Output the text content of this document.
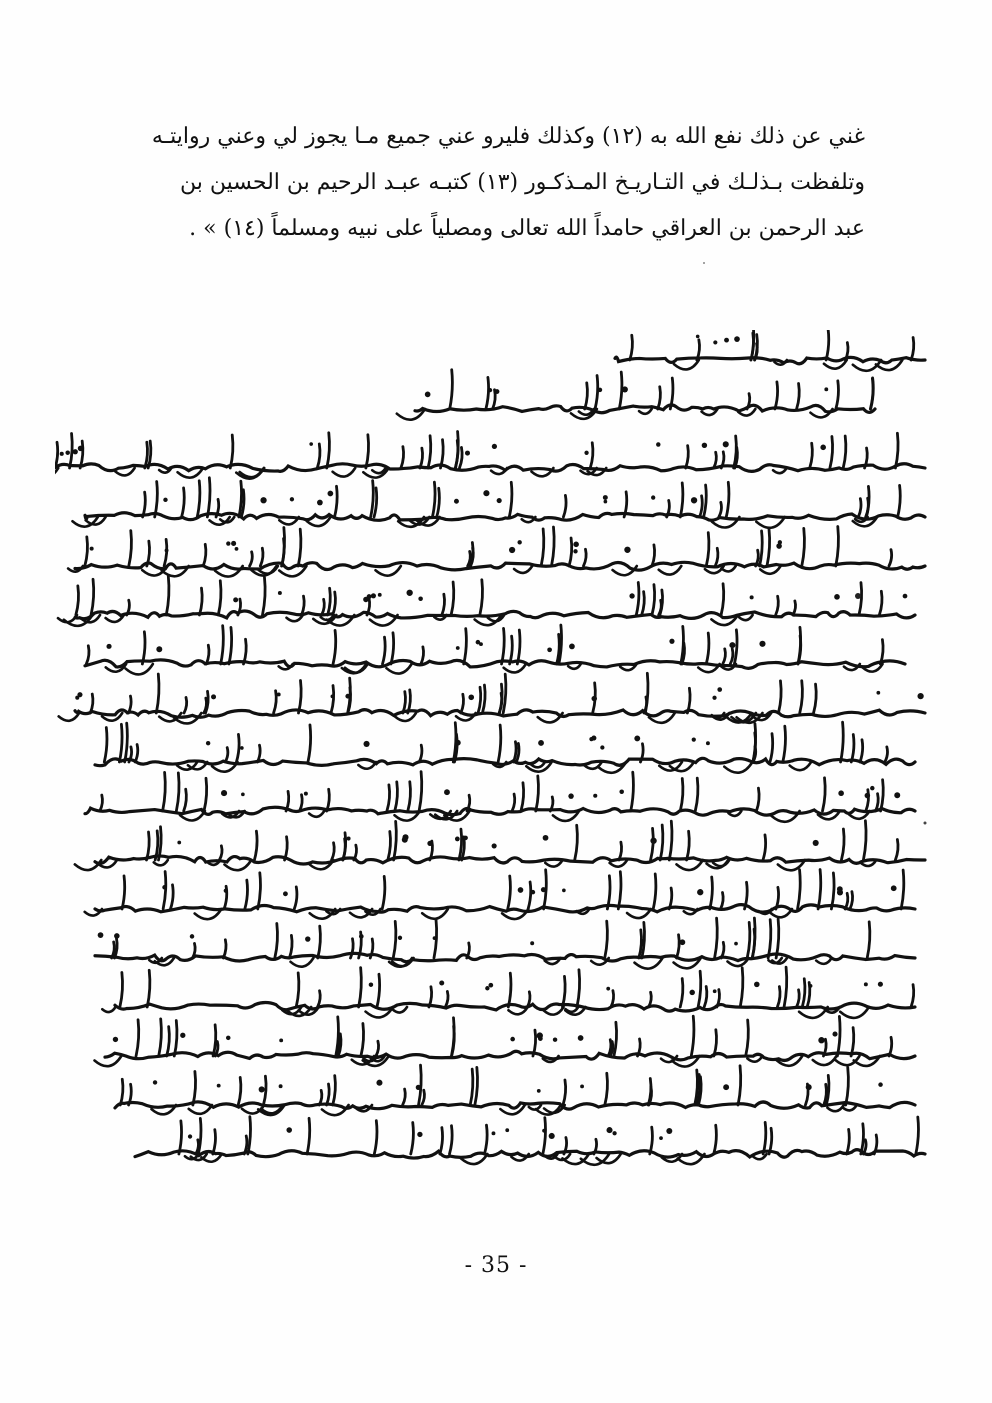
غني عن ذلك نفع الله به (١٢) وكذلك فليرو عني جميع مـا يجوز لي وعني روايتـه

وتلفظت بـذلـك في التـاريـخ المـذكـور (١٣) كتبـه عبـد الرحيم بن الحسين بن

عبد الرحمن بن العراقي حامداً الله تعالى ومصلياً على نبيه ومسلماً (١٤) » .

- 35 -
